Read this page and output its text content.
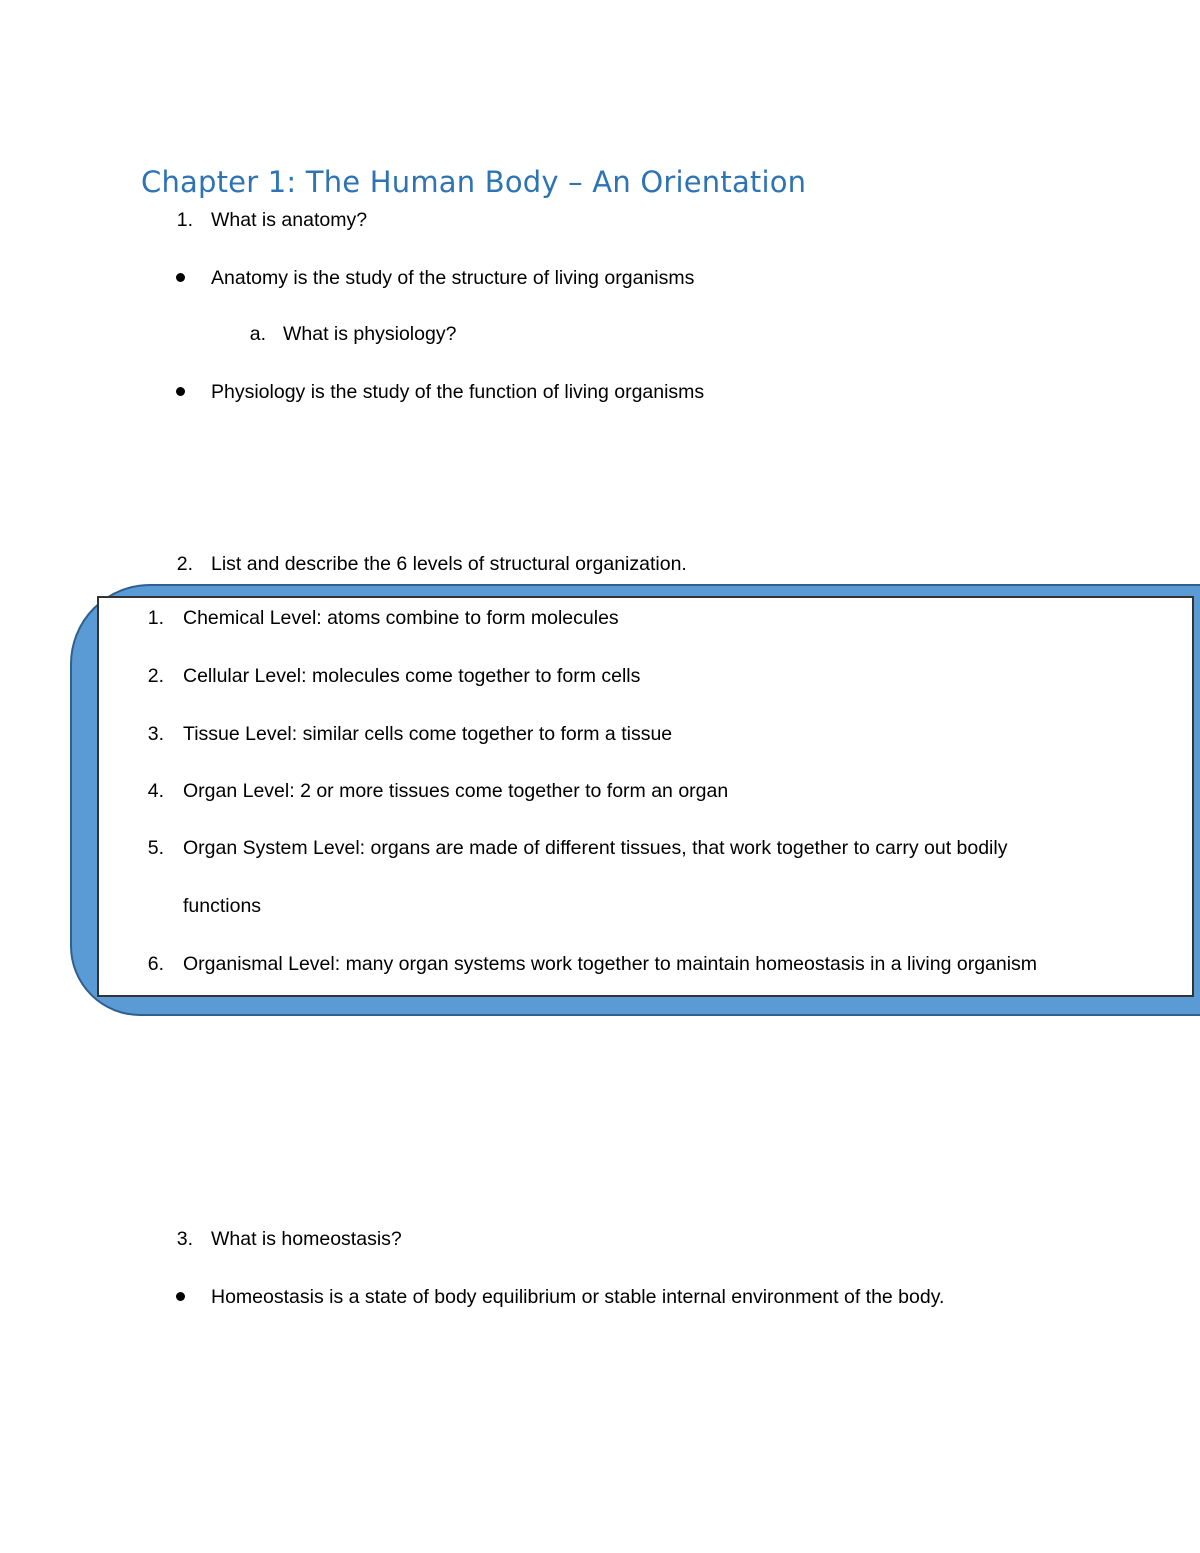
Chapter 1: The Human Body – An Orientation
1. What is anatomy?
Anatomy is the study of the structure of living organisms
a. What is physiology?
Physiology is the study of the function of living organisms
2. List and describe the 6 levels of structural organization.
1. Chemical Level: atoms combine to form molecules
2. Cellular Level: molecules come together to form cells
3. Tissue Level: similar cells come together to form a tissue
4. Organ Level: 2 or more tissues come together to form an organ
5. Organ System Level: organs are made of different tissues, that work together to carry out bodily
functions
6. Organismal Level: many organ systems work together to maintain homeostasis in a living organism
3. What is homeostasis?
Homeostasis is a state of body equilibrium or stable internal environment of the body.
